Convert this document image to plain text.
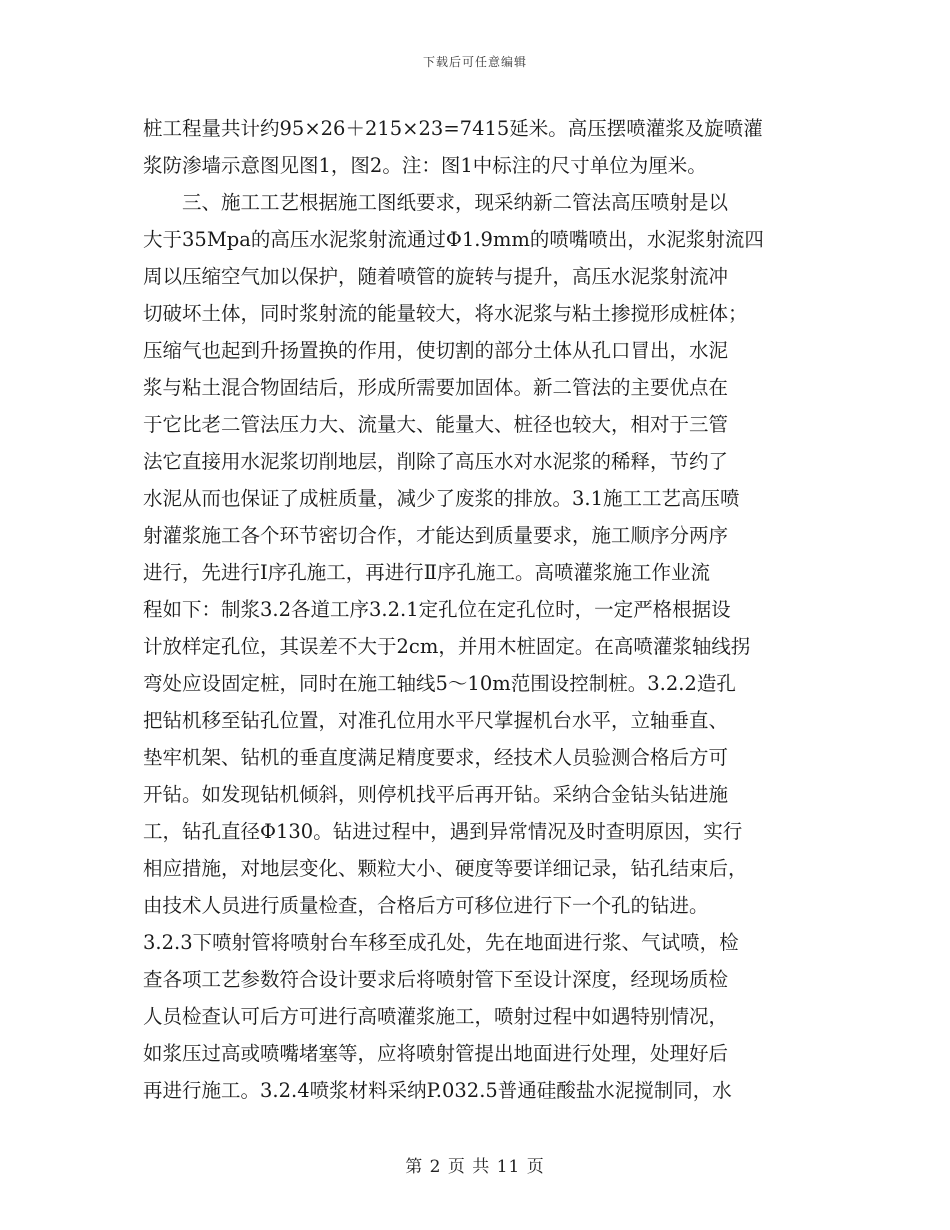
下载后可任意编辑
桩工程量共计约95×26＋215×23=7415延米。高压摆喷灌浆及旋喷灌
浆防渗墙示意图见图1，图2。注：图1中标注的尺寸单位为厘米。
　　三、施工工艺根据施工图纸要求，现采纳新二管法高压喷射是以
大于35Mpa的高压水泥浆射流通过Φ1.9mm的喷嘴喷出，水泥浆射流四
周以压缩空气加以保护，随着喷管的旋转与提升，高压水泥浆射流冲
切破坏土体，同时浆射流的能量较大，将水泥浆与粘土掺搅形成桩体；
压缩气也起到升扬置换的作用，使切割的部分土体从孔口冒出，水泥
浆与粘土混合物固结后，形成所需要加固体。新二管法的主要优点在
于它比老二管法压力大、流量大、能量大、桩径也较大，相对于三管
法它直接用水泥浆切削地层，削除了高压水对水泥浆的稀释，节约了
水泥从而也保证了成桩质量，减少了废浆的排放。3.1施工工艺高压喷
射灌浆施工各个环节密切合作，才能达到质量要求，施工顺序分两序
进行，先进行Ⅰ序孔施工，再进行Ⅱ序孔施工。高喷灌浆施工作业流
程如下：制浆3.2各道工序3.2.1定孔位在定孔位时，一定严格根据设
计放样定孔位，其误差不大于2cm，并用木桩固定。在高喷灌浆轴线拐
弯处应设固定桩，同时在施工轴线5～10m范围设控制桩。3.2.2造孔
把钻机移至钻孔位置，对准孔位用水平尺掌握机台水平，立轴垂直、
垫牢机架、钻机的垂直度满足精度要求，经技术人员验测合格后方可
开钻。如发现钻机倾斜，则停机找平后再开钻。采纳合金钻头钻进施
工，钻孔直径Φ130。钻进过程中，遇到异常情况及时查明原因，实行
相应措施，对地层变化、颗粒大小、硬度等要详细记录，钻孔结束后，
由技术人员进行质量检查，合格后方可移位进行下一个孔的钻进。
3.2.3下喷射管将喷射台车移至成孔处，先在地面进行浆、气试喷，检
查各项工艺参数符合设计要求后将喷射管下至设计深度，经现场质检
人员检查认可后方可进行高喷灌浆施工，喷射过程中如遇特别情况，
如浆压过高或喷嘴堵塞等，应将喷射管提出地面进行处理，处理好后
再进行施工。3.2.4喷浆材料采纳P.032.5普通硅酸盐水泥搅制同，水
第 2 页 共 11 页
